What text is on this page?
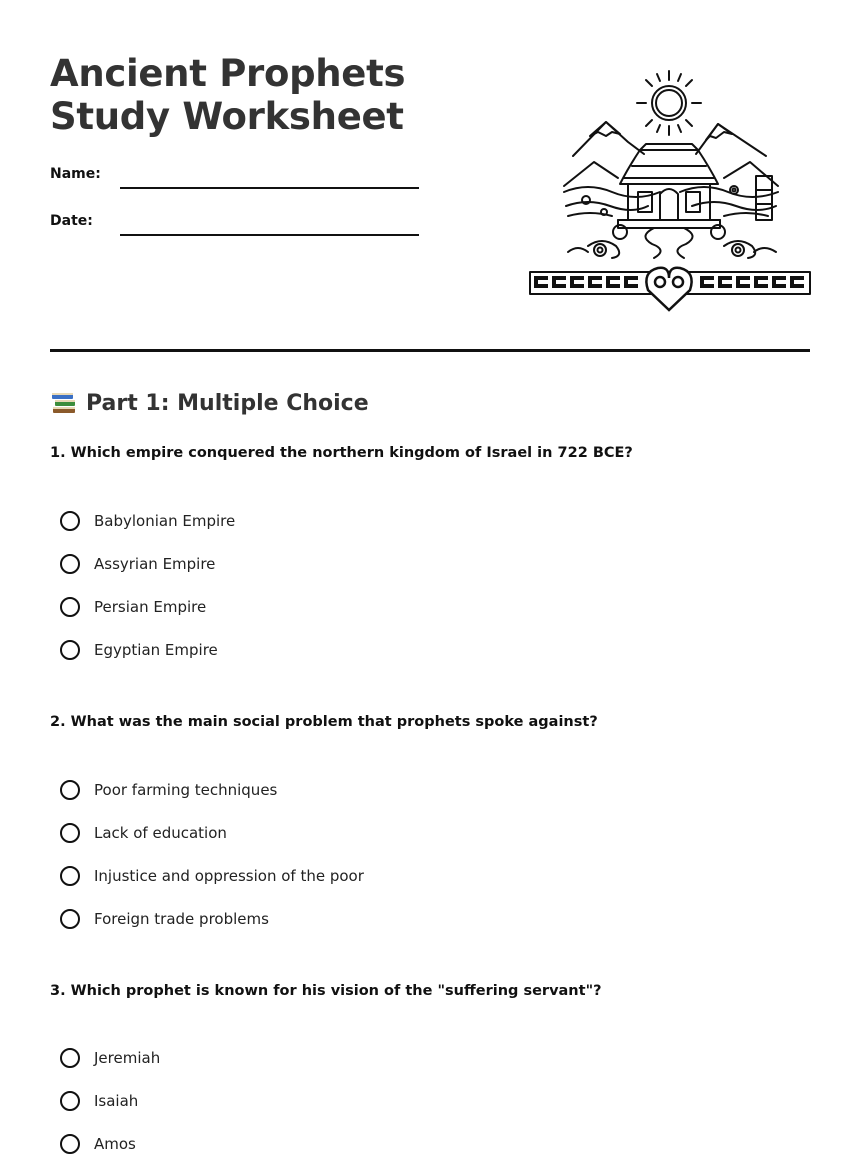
Ancient Prophets Study Worksheet
Name:
Date:
Part 1: Multiple Choice

1. Which empire conquered the northern kingdom of Israel in 722 BCE?

Babylonian Empire
Assyrian Empire
Persian Empire
Egyptian Empire

2. What was the main social problem that prophets spoke against?

Poor farming techniques
Lack of education
Injustice and oppression of the poor
Foreign trade problems

3. Which prophet is known for his vision of the "suffering servant"?

Jeremiah
Isaiah
Amos
